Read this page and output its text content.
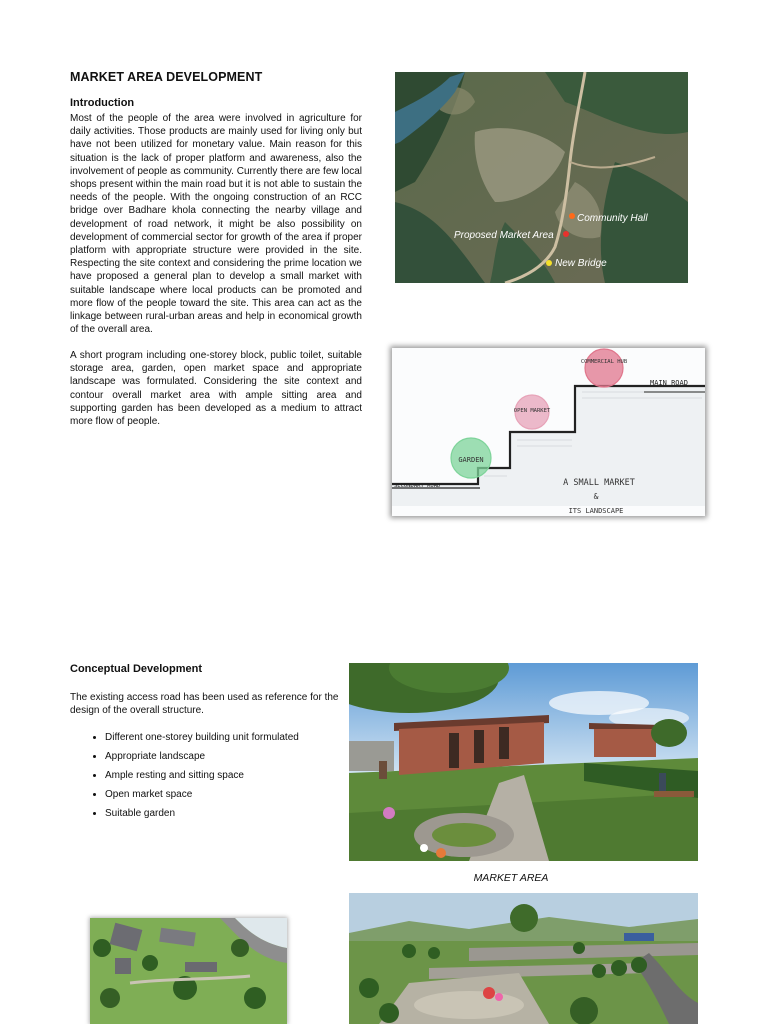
MARKET AREA DEVELOPMENT
Introduction

Most of the people of the area were involved in agriculture for daily activities. Those products are mainly used for living only but have not been utilized for monetary value. Main reason for this situation is the lack of proper platform and awareness, also the involvement of people as community. Currently there are few local shops present within the main road but it is not able to sustain the needs of the people. With the ongoing construction of an RCC bridge over Badhare khola connecting the nearby village and development of road network, it might be also possibility on development of commercial sector for growth of the area if proper platform with appropriate structure were provided in the site. Respecting the site context and considering the prime location we have proposed a general plan to develop a small market with suitable landscape where local products can be promoted and more flow of the people toward the site. This area can act as the linkage between rural-urban areas and help in economical growth of the overall area.

A short program including one-storey block, public toilet, suitable storage area, garden, open market space and appropriate landscape was formulated. Considering the site context and contour overall market area with ample sitting area and supporting garden has been developed as a medium to attract more flow of people.

Community Hall
Proposed Market Area
New Bridge
COMMERCIAL HUB
OPEN MARKET
GARDEN
MAIN ROAD
SECONDARY ROAD	A SMALL MARKET
&
ITS LANDSCAPE
Conceptual Development

The existing access road has been used as reference for the design of the overall structure.

• Different one-storey building unit formulated
• Appropriate landscape
• Ample resting and sitting space
• Open market space
• Suitable garden
MARKET AREA
